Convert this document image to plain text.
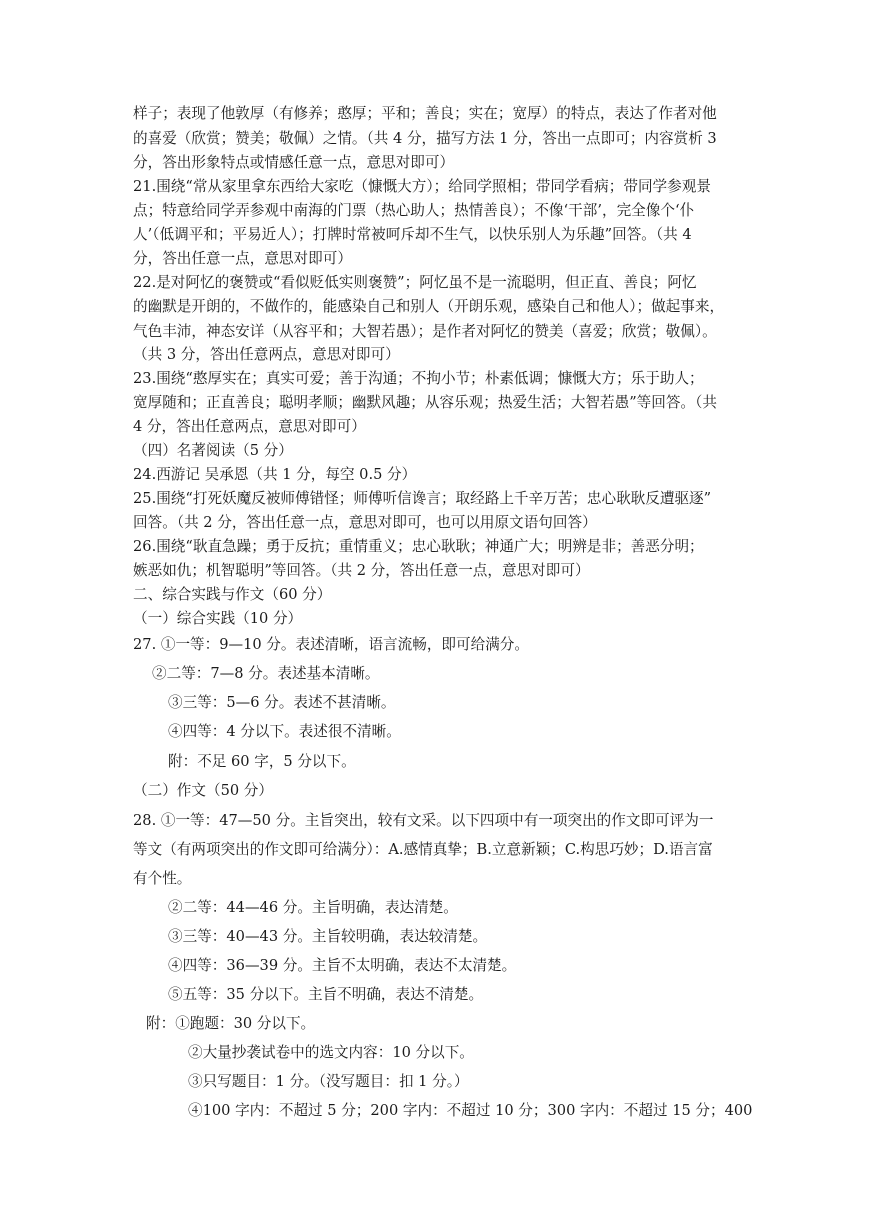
样子；表现了他敦厚（有修养；憨厚；平和；善良；实在；宽厚）的特点，表达了作者对他
的喜爱（欣赏；赞美；敬佩）之情。（共 4 分，描写方法 1 分，答出一点即可；内容赏析 3
分，答出形象特点或情感任意一点，意思对即可）
21.围绕“常从家里拿东西给大家吃（慷慨大方）；给同学照相；带同学看病；带同学参观景
点；特意给同学弄参观中南海的门票（热心助人；热情善良）；不像‘干部’，完全像个‘仆
人’（低调平和；平易近人）；打牌时常被呵斥却不生气，以快乐别人为乐趣”回答。（共 4
分，答出任意一点，意思对即可）
22.是对阿忆的褒赞或“看似贬低实则褒赞”；阿忆虽不是一流聪明，但正直、善良；阿忆
的幽默是开朗的，不做作的，能感染自己和别人（开朗乐观，感染自己和他人）；做起事来，
气色丰沛，神态安详（从容平和；大智若愚）；是作者对阿忆的赞美（喜爱；欣赏；敬佩）。
（共 3 分，答出任意两点，意思对即可）
23.围绕“憨厚实在；真实可爱；善于沟通；不拘小节；朴素低调；慷慨大方；乐于助人；
宽厚随和；正直善良；聪明孝顺；幽默风趣；从容乐观；热爱生活；大智若愚”等回答。（共
4 分，答出任意两点，意思对即可）
（四）名著阅读（5 分）
24.西游记 吴承恩（共 1 分，每空 0.5 分）
25.围绕“打死妖魔反被师傅错怪；师傅听信谗言；取经路上千辛万苦；忠心耿耿反遭驱逐”
回答。（共 2 分，答出任意一点，意思对即可，也可以用原文语句回答）
26.围绕“耿直急躁；勇于反抗；重情重义；忠心耿耿；神通广大；明辨是非；善恶分明；
嫉恶如仇；机智聪明”等回答。（共 2 分，答出任意一点，意思对即可）
二、综合实践与作文（60 分）
（一）综合实践（10 分）
27. ①一等：9—10 分。表述清晰，语言流畅，即可给满分。
②二等：7—8 分。表述基本清晰。
③三等：5—6 分。表述不甚清晰。
④四等：4 分以下。表述很不清晰。
附：不足 60 字，5 分以下。
（二）作文（50 分）
28. ①一等：47—50 分。主旨突出，较有文采。以下四项中有一项突出的作文即可评为一
等文（有两项突出的作文即可给满分）：A.感情真挚；B.立意新颖；C.构思巧妙；D.语言富
有个性。
②二等：44—46 分。主旨明确，表达清楚。
③三等：40—43 分。主旨较明确，表达较清楚。
④四等：36—39 分。主旨不太明确，表达不太清楚。
⑤五等：35 分以下。主旨不明确，表达不清楚。
附：①跑题：30 分以下。
②大量抄袭试卷中的选文内容：10 分以下。
③只写题目：1 分。（没写题目：扣 1 分。）
④100 字内：不超过 5 分；200 字内：不超过 10 分；300 字内：不超过 15 分；400
